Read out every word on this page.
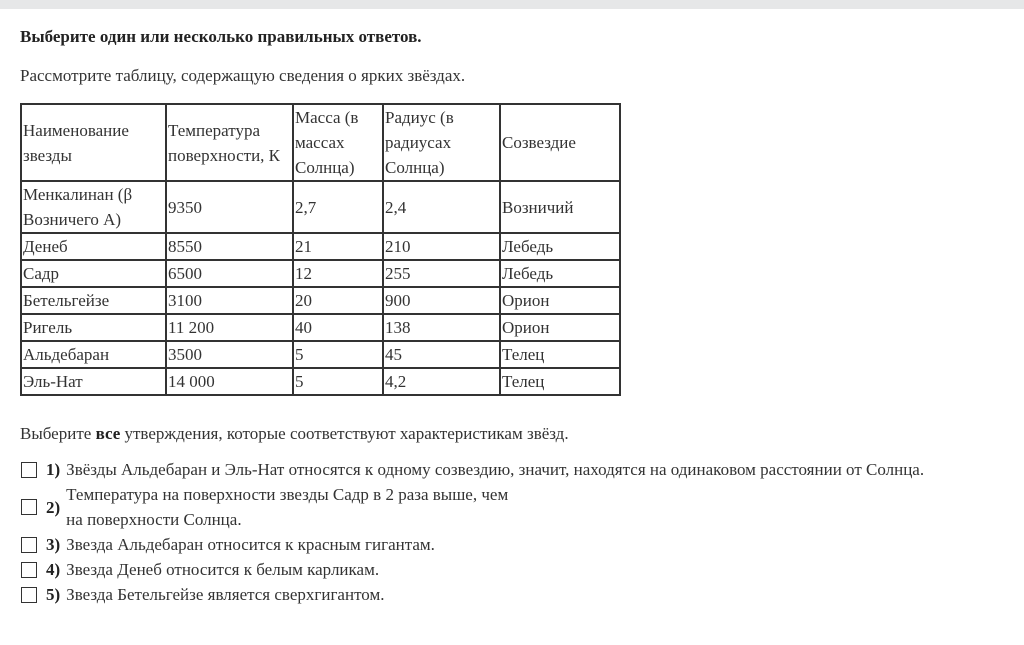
Выберите один или несколько правильных ответов.

Рассмотрите таблицу, содержащую сведения о ярких звёздах.

Наименование звезды	Температура поверхности, К	Масса (в массах Солнца)	Радиус (в радиусах Солнца)	Созвездие
Менкалинан (β Возничего А)	9350	2,7	2,4	Возничий
Денеб	8550	21	210	Лебедь
Садр	6500	12	255	Лебедь
Бетельгейзе	3100	20	900	Орион
Ригель	11 200	40	138	Орион
Альдебаран	3500	5	45	Телец
Эль-Нат	14 000	5	4,2	Телец

Выберите все утверждения, которые соответствуют характеристикам звёзд.

1) Звёзды Альдебаран и Эль-Нат относятся к одному созвездию, значит, находятся на одинаковом расстоянии от Солнца.
2)
Температура на поверхности звезды Садр в 2 раза выше, чем
на поверхности Солнца.
3) Звезда Альдебаран относится к красным гигантам.
4) Звезда Денеб относится к белым карликам.
5) Звезда Бетельгейзе является сверхгигантом.
